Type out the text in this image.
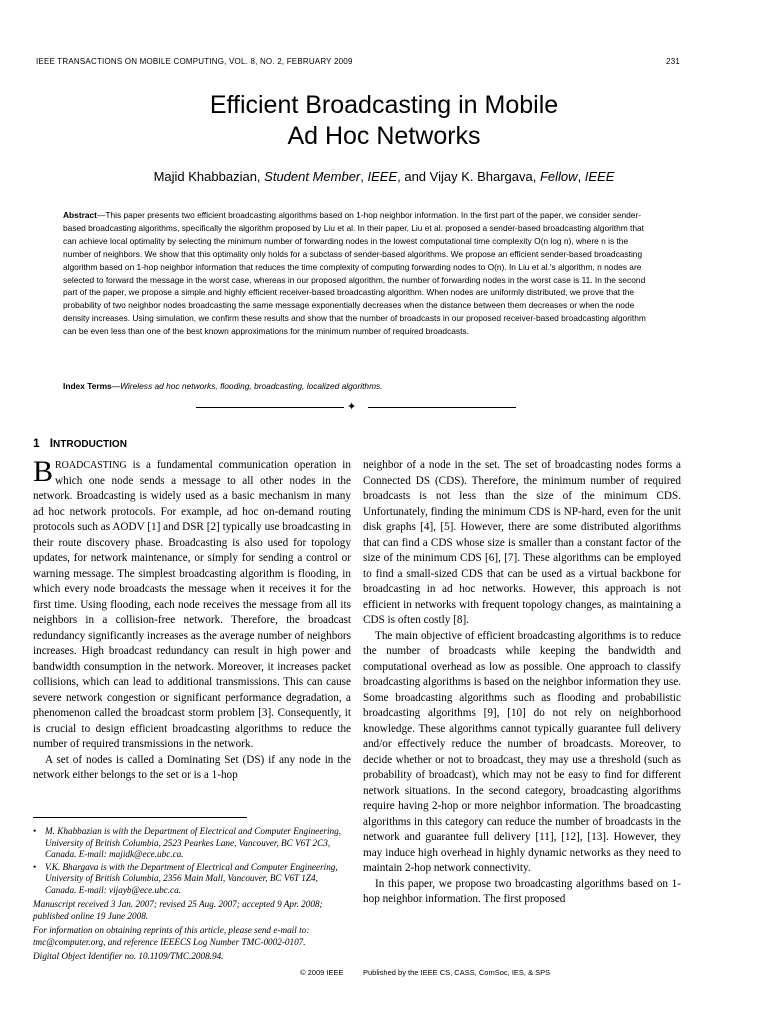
IEEE TRANSACTIONS ON MOBILE COMPUTING, VOL. 8, NO. 2, FEBRUARY 2009	231
Efficient Broadcasting in Mobile
Ad Hoc Networks
Majid Khabbazian, Student Member, IEEE, and Vijay K. Bhargava, Fellow, IEEE
Abstract—This paper presents two efficient broadcasting algorithms based on 1-hop neighbor information. In the first part of the paper, we consider sender-based broadcasting algorithms, specifically the algorithm proposed by Liu et al. In their paper, Liu et al. proposed a sender-based broadcasting algorithm that can achieve local optimality by selecting the minimum number of forwarding nodes in the lowest computational time complexity O(n log n), where n is the number of neighbors. We show that this optimality only holds for a subclass of sender-based algorithms. We propose an efficient sender-based broadcasting algorithm based on 1-hop neighbor information that reduces the time complexity of computing forwarding nodes to O(n). In Liu et al.'s algorithm, n nodes are selected to forward the message in the worst case, whereas in our proposed algorithm, the number of forwarding nodes in the worst case is 11. In the second part of the paper, we propose a simple and highly efficient receiver-based broadcasting algorithm. When nodes are uniformly distributed, we prove that the probability of two neighbor nodes broadcasting the same message exponentially decreases when the distance between them decreases or when the node density increases. Using simulation, we confirm these results and show that the number of broadcasts in our proposed receiver-based broadcasting algorithm can be even less than one of the best known approximations for the minimum number of required broadcasts.
Index Terms—Wireless ad hoc networks, flooding, broadcasting, localized algorithms.
✦
1 INTRODUCTION

BROADCASTING is a fundamental communication operation in which one node sends a message to all other nodes in the network. Broadcasting is widely used as a basic mechanism in many ad hoc network protocols. For example, ad hoc on-demand routing protocols such as AODV [1] and DSR [2] typically use broadcasting in their route discovery phase. Broadcasting is also used for topology updates, for network maintenance, or simply for sending a control or warning message. The simplest broadcasting algorithm is flooding, in which every node broadcasts the message when it receives it for the first time. Using flooding, each node receives the message from all its neighbors in a collision-free network. Therefore, the broadcast redundancy significantly increases as the average number of neighbors increases. High broadcast redundancy can result in high power and bandwidth consumption in the network. Moreover, it increases packet collisions, which can lead to additional transmissions. This can cause severe network congestion or significant performance degradation, a phenomenon called the broadcast storm problem [3]. Consequently, it is crucial to design efficient broadcasting algorithms to reduce the number of required transmissions in the network.

A set of nodes is called a Dominating Set (DS) if any node in the network either belongs to the set or is a 1-hop

neighbor of a node in the set. The set of broadcasting nodes forms a Connected DS (CDS). Therefore, the minimum number of required broadcasts is not less than the size of the minimum CDS. Unfortunately, finding the minimum CDS is NP-hard, even for the unit disk graphs [4], [5]. However, there are some distributed algorithms that can find a CDS whose size is smaller than a constant factor of the size of the minimum CDS [6], [7]. These algorithms can be employed to find a small-sized CDS that can be used as a virtual backbone for broadcasting in ad hoc networks. However, this approach is not efficient in networks with frequent topology changes, as maintaining a CDS is often costly [8].

The main objective of efficient broadcasting algorithms is to reduce the number of broadcasts while keeping the bandwidth and computational overhead as low as possible. One approach to classify broadcasting algorithms is based on the neighbor information they use. Some broadcasting algorithms such as flooding and probabilistic broadcasting algorithms [9], [10] do not rely on neighborhood knowledge. These algorithms cannot typically guarantee full delivery and/or effectively reduce the number of broadcasts. Moreover, to decide whether or not to broadcast, they may use a threshold (such as probability of broadcast), which may not be easy to find for different network situations. In the second category, broadcasting algorithms require having 2-hop or more neighbor information. The broadcasting algorithms in this category can reduce the number of broadcasts in the network and guarantee full delivery [11], [12], [13]. However, they may induce high overhead in highly dynamic networks as they need to maintain 2-hop network connectivity.

In this paper, we propose two broadcasting algorithms based on 1-hop neighbor information. The first proposed

• M. Khabbazian is with the Department of Electrical and Computer Engineering, University of British Columbia, 2523 Pearkes Lane, Vancouver, BC V6T 2C3, Canada. E-mail: majidk@ece.ubc.ca.
• V.K. Bhargava is with the Department of Electrical and Computer Engineering, University of British Columbia, 2356 Main Mall, Vancouver, BC V6T 1Z4, Canada. E-mail: vijayb@ece.ubc.ca.

Manuscript received 3 Jan. 2007; revised 25 Aug. 2007; accepted 9 Apr. 2008; published online 19 June 2008.

For information on obtaining reprints of this article, please send e-mail to: tmc@computer.org, and reference IEEECS Log Number TMC-0002-0107.

Digital Object Identifier no. 10.1109/TMC.2008.94.

© 2009 IEEE	Published by the IEEE CS, CASS, ComSoc, IES, & SPS
